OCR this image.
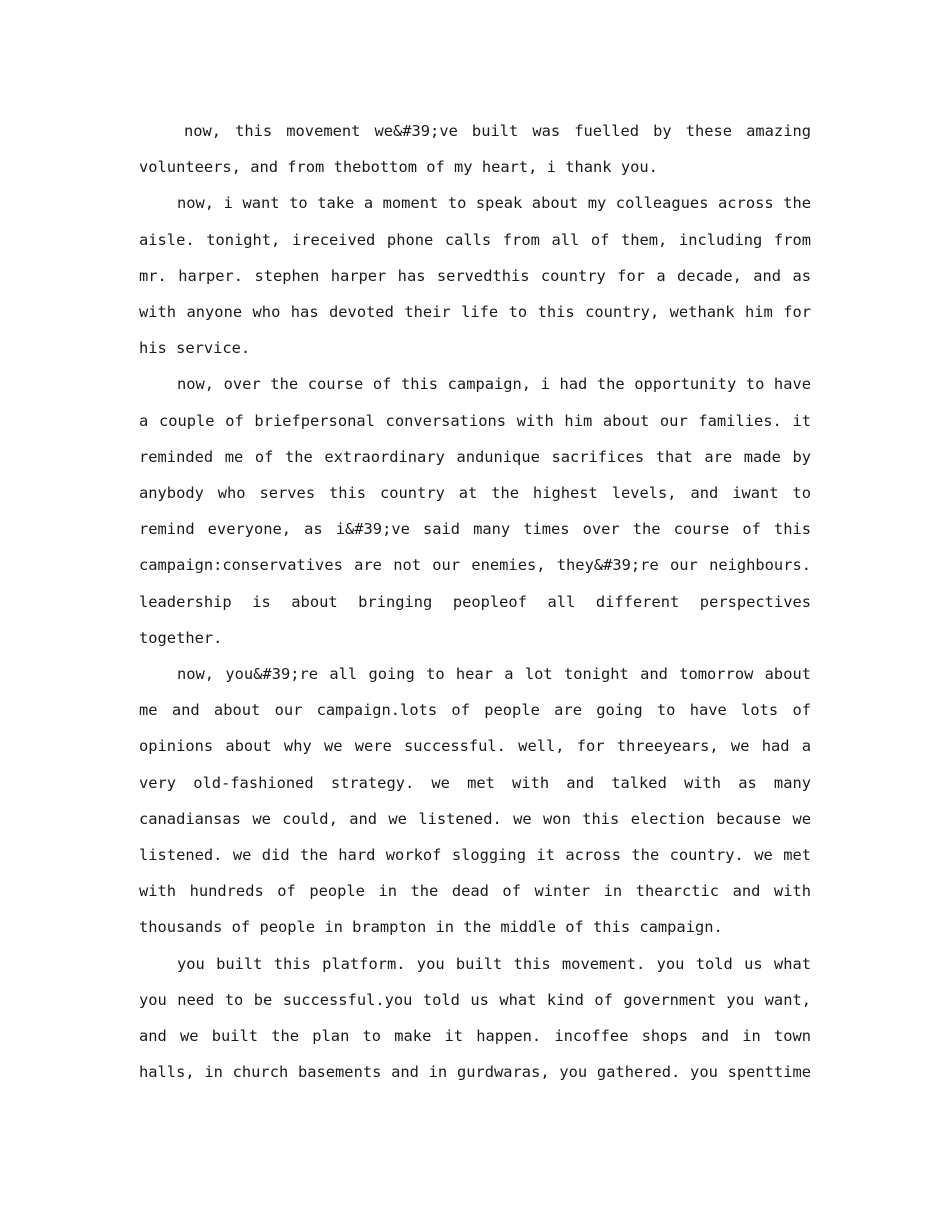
now, this movement we&#39;ve built was fuelled by these amazing volunteers, and from thebottom of my heart, i thank you.

now, i want to take a moment to speak about my colleagues across the aisle. tonight, ireceived phone calls from all of them, including from mr. harper. stephen harper has servedthis country for a decade, and as with anyone who has devoted their life to this country, wethank him for his service.

now, over the course of this campaign, i had the opportunity to have a couple of briefpersonal conversations with him about our families. it reminded me of the extraordinary andunique sacrifices that are made by anybody who serves this country at the highest levels, and iwant to remind everyone, as i&#39;ve said many times over the course of this campaign:conservatives are not our enemies, they&#39;re our neighbours. leadership is about bringing peopleof all different perspectives together.

now, you&#39;re all going to hear a lot tonight and tomorrow about me and about our campaign.lots of people are going to have lots of opinions about why we were successful. well, for threeyears, we had a very old-fashioned strategy. we met with and talked with as many canadiansas we could, and we listened. we won this election because we listened. we did the hard workof slogging it across the country. we met with hundreds of people in the dead of winter in thearctic and with thousands of people in brampton in the middle of this campaign.

you built this platform. you built this movement. you told us what you need to be successful.you told us what kind of government you want, and we built the plan to make it happen. incoffee shops and in town halls, in church basements and in gurdwaras, you gathered. you spenttime
